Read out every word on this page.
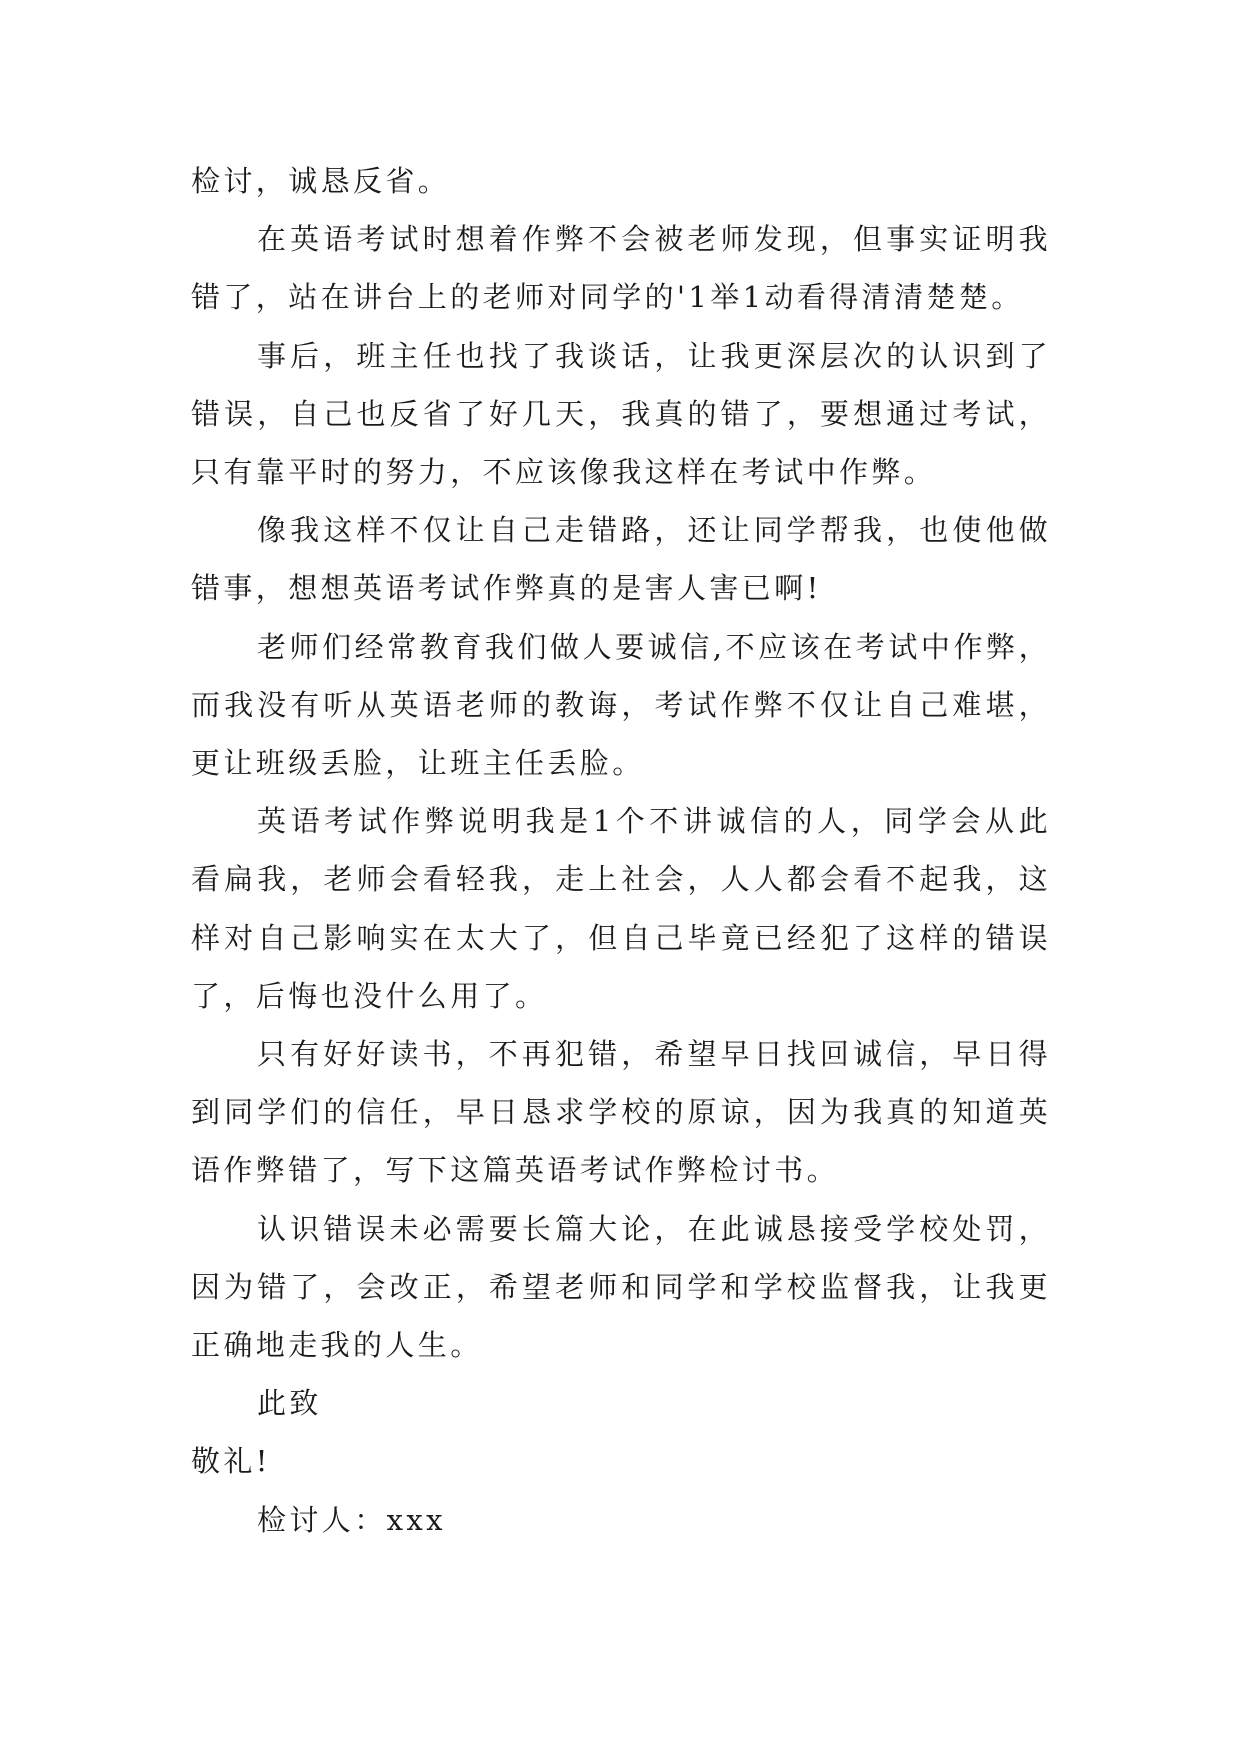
检讨，诚恳反省。

在英语考试时想着作弊不会被老师发现，但事实证明我错了，站在讲台上的老师对同学的'1举1动看得清清楚楚。

事后，班主任也找了我谈话，让我更深层次的认识到了错误，自己也反省了好几天，我真的错了，要想通过考试，只有靠平时的努力，不应该像我这样在考试中作弊。

像我这样不仅让自己走错路，还让同学帮我，也使他做错事，想想英语考试作弊真的是害人害已啊!

老师们经常教育我们做人要诚信,不应该在考试中作弊，而我没有听从英语老师的教诲，考试作弊不仅让自己难堪，更让班级丢脸，让班主任丢脸。

英语考试作弊说明我是1个不讲诚信的人，同学会从此看扁我，老师会看轻我，走上社会，人人都会看不起我，这样对自己影响实在太大了，但自己毕竟已经犯了这样的错误了，后悔也没什么用了。

只有好好读书，不再犯错，希望早日找回诚信，早日得到同学们的信任，早日恳求学校的原谅，因为我真的知道英语作弊错了，写下这篇英语考试作弊检讨书。

认识错误未必需要长篇大论，在此诚恳接受学校处罚，因为错了，会改正，希望老师和同学和学校监督我，让我更正确地走我的人生。

此致

敬礼!

检讨人：xxx
